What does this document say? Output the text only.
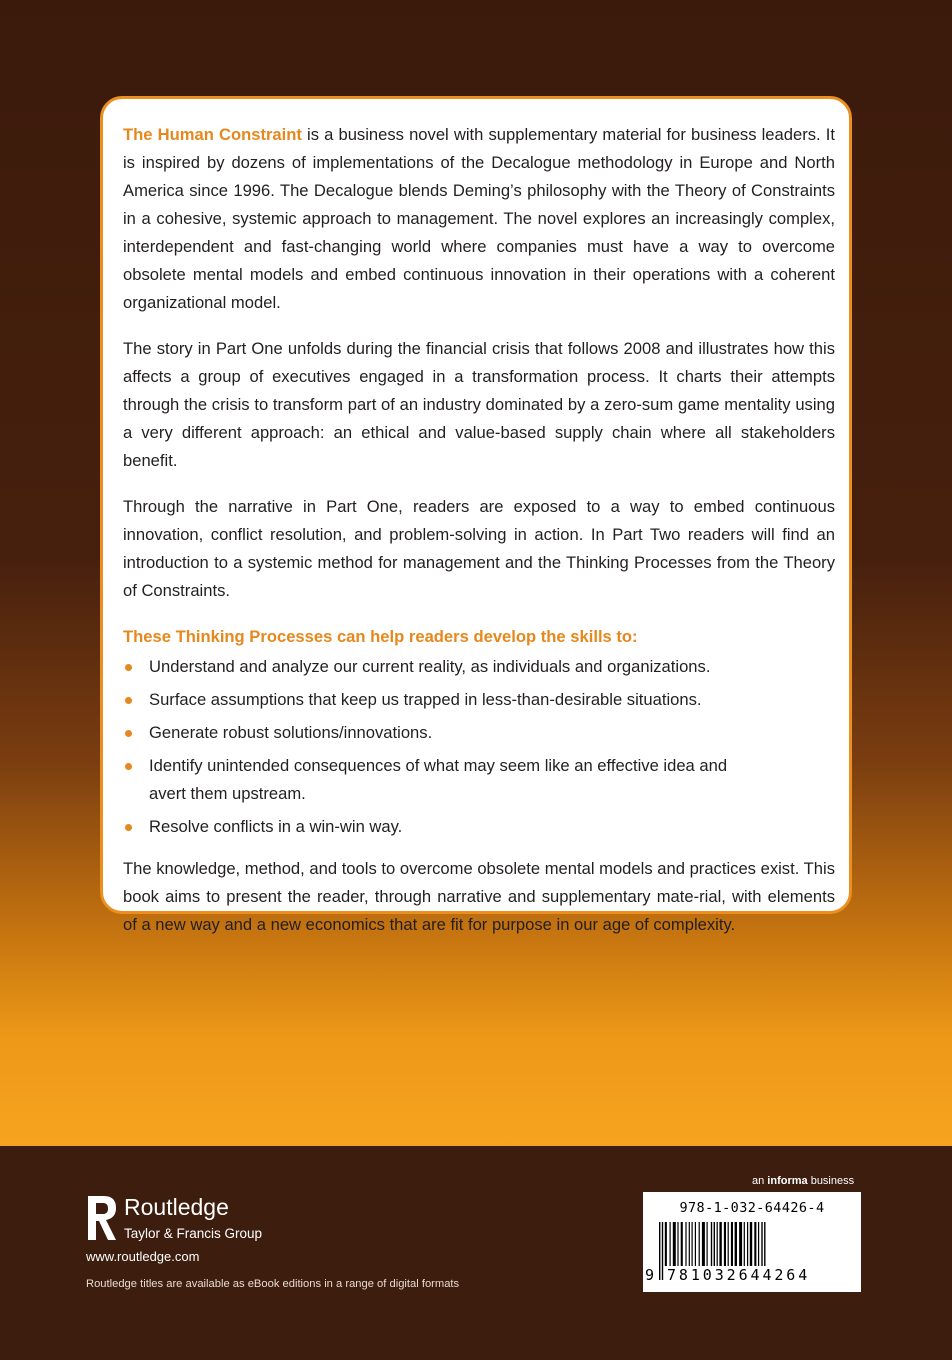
The Human Constraint is a business novel with supplementary material for business leaders. It is inspired by dozens of implementations of the Decalogue methodology in Europe and North America since 1996. The Decalogue blends Deming’s philosophy with the Theory of Constraints in a cohesive, systemic approach to management. The novel explores an increasingly complex, interdependent and fast-changing world where companies must have a way to overcome obsolete mental models and embed continuous innovation in their operations with a coherent organizational model.

The story in Part One unfolds during the financial crisis that follows 2008 and illustrates how this affects a group of executives engaged in a transformation process. It charts their attempts through the crisis to transform part of an industry dominated by a zero-sum game mentality using a very different approach: an ethical and value-based supply chain where all stakeholders benefit.

Through the narrative in Part One, readers are exposed to a way to embed continuous innovation, conflict resolution, and problem-solving in action. In Part Two readers will find an introduction to a systemic method for management and the Thinking Processes from the Theory of Constraints.

These Thinking Processes can help readers develop the skills to:
Understand and analyze our current reality, as individuals and organizations.
Surface assumptions that keep us trapped in less-than-desirable situations.
Generate robust solutions/innovations.
Identify unintended consequences of what may seem like an effective idea and avert them upstream.
Resolve conflicts in a win-win way.

The knowledge, method, and tools to overcome obsolete mental models and practices exist. This book aims to present the reader, through narrative and supplementary mate-rial, with elements of a new way and a new economics that are fit for purpose in our age of complexity.

Routledge
Taylor & Francis Group
www.routledge.com
Routledge titles are available as eBook editions in a range of digital formats
an informa business
978-1-032-64426-4
9 781032644264
